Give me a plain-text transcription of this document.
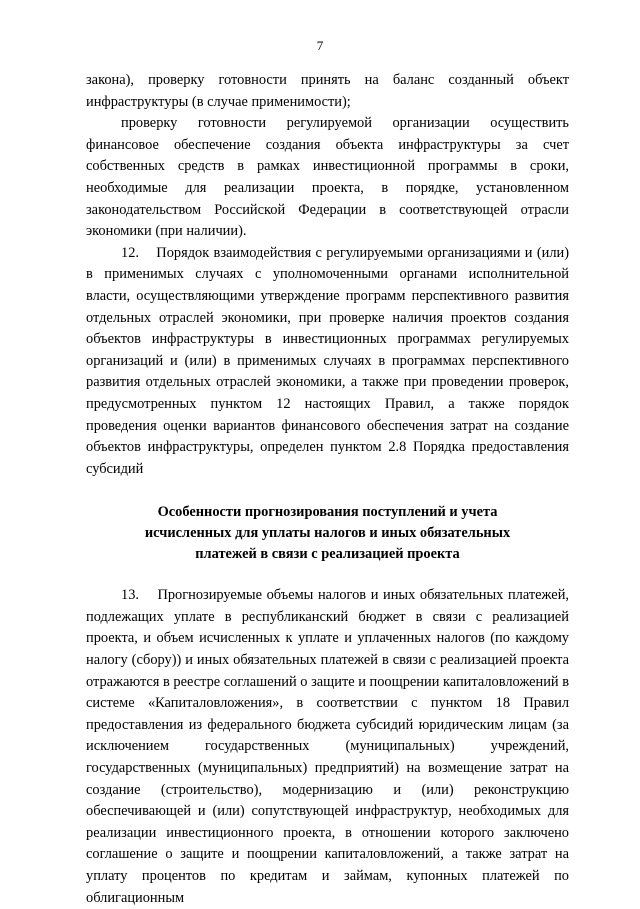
7

закона), проверку готовности принять на баланс созданный объект инфраструктуры (в случае применимости);

проверку готовности регулируемой организации осуществить финансовое обеспечение создания объекта инфраструктуры за счет собственных средств в рамках инвестиционной программы в сроки, необходимые для реализации проекта, в порядке, установленном законодательством Российской Федерации в соответствующей отрасли экономики (при наличии).

12.    Порядок взаимодействия с регулируемыми организациями и (или) в применимых случаях с уполномоченными органами исполнительной власти, осуществляющими утверждение программ перспективного развития отдельных отраслей экономики, при проверке наличия проектов создания объектов инфраструктуры в инвестиционных программах регулируемых организаций и (или) в применимых случаях в программах перспективного развития отдельных отраслей экономики, а также при проведении проверок, предусмотренных пунктом 12 настоящих Правил, а также порядок проведения оценки вариантов финансового обеспечения затрат на создание объектов инфраструктуры, определен пунктом 2.8 Порядка предоставления субсидий

Особенности прогнозирования поступлений и учета
исчисленных для уплаты налогов и иных обязательных
платежей в связи с реализацией проекта

13.    Прогнозируемые объемы налогов и иных обязательных платежей, подлежащих уплате в республиканский бюджет в связи с реализацией проекта, и объем исчисленных к уплате и уплаченных налогов (по каждому налогу (сбору)) и иных обязательных платежей в связи с реализацией проекта отражаются в реестре соглашений о защите и поощрении капиталовложений в системе «Капиталовложения», в соответствии с пунктом 18 Правил предоставления из федерального бюджета субсидий юридическим лицам (за исключением государственных (муниципальных) учреждений, государственных (муниципальных) предприятий) на возмещение затрат на создание (строительство), модернизацию и (или) реконструкцию обеспечивающей и (или) сопутствующей инфраструктур, необходимых для реализации инвестиционного проекта, в отношении которого заключено соглашение о защите и поощрении капиталовложений, а также затрат на уплату процентов по кредитам и займам, купонных платежей по облигационным
